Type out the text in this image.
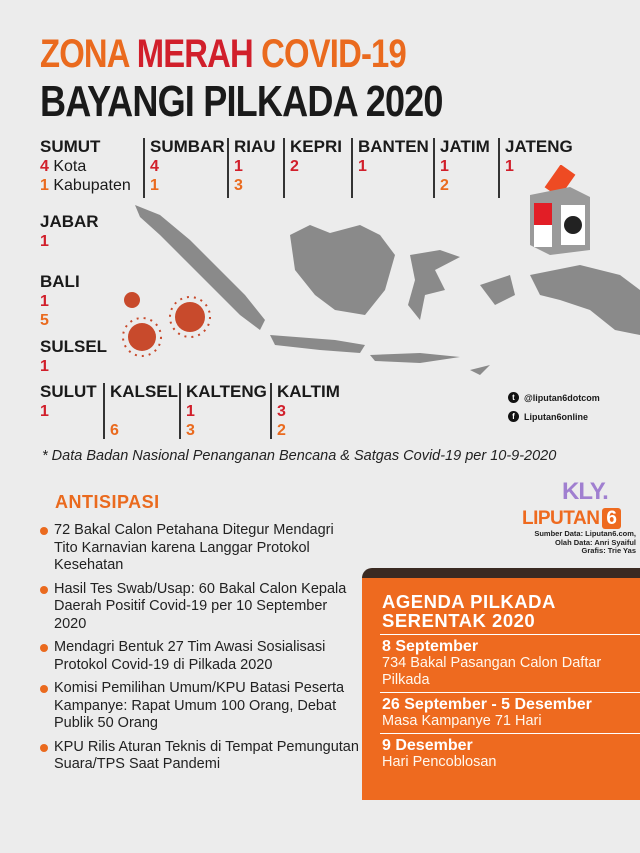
ZONA MERAH COVID-19
BAYANGI PILKADA 2020
SUMUT
4 Kota
1 Kabupaten
SUMBAR
4
1
RIAU
1
3
KEPRI
2
BANTEN
1
JATIM
1
2
JATENG
1
JABAR
1
BALI
1
5
SULSEL
1
SULUT
1
KALSEL
6
KALTENG
1
3
KALTIM
3
2
t	@liputan6dotcom
f	Liputan6online
* Data Badan Nasional Penanganan Bencana & Satgas Covid-19 per 10-9-2020
ANTISIPASI
72 Bakal Calon Petahana Ditegur Mendagri Tito Karnavian karena Langgar Protokol Kesehatan
Hasil Tes Swab/Usap: 60 Bakal Calon Kepala Daerah Positif Covid-19 per 10 September 2020
Mendagri Bentuk 27 Tim Awasi Sosialisasi Protokol Covid-19 di Pilkada 2020
Komisi Pemilihan Umum/KPU Batasi Peserta Kampanye: Rapat Umum 100 Orang, Debat Publik 50 Orang
KPU Rilis Aturan Teknis di Tempat Pemungutan Suara/TPS Saat Pandemi
KLY.
LIPUTAN 6
Sumber Data: Liputan6.com,
Olah Data: Anri Syaiful
Grafis: Trie Yas
AGENDA PILKADA SERENTAK 2020
8 September
734 Bakal Pasangan Calon Daftar Pilkada
26 September - 5 Desember
Masa Kampanye 71 Hari
9 Desember
Hari Pencoblosan
